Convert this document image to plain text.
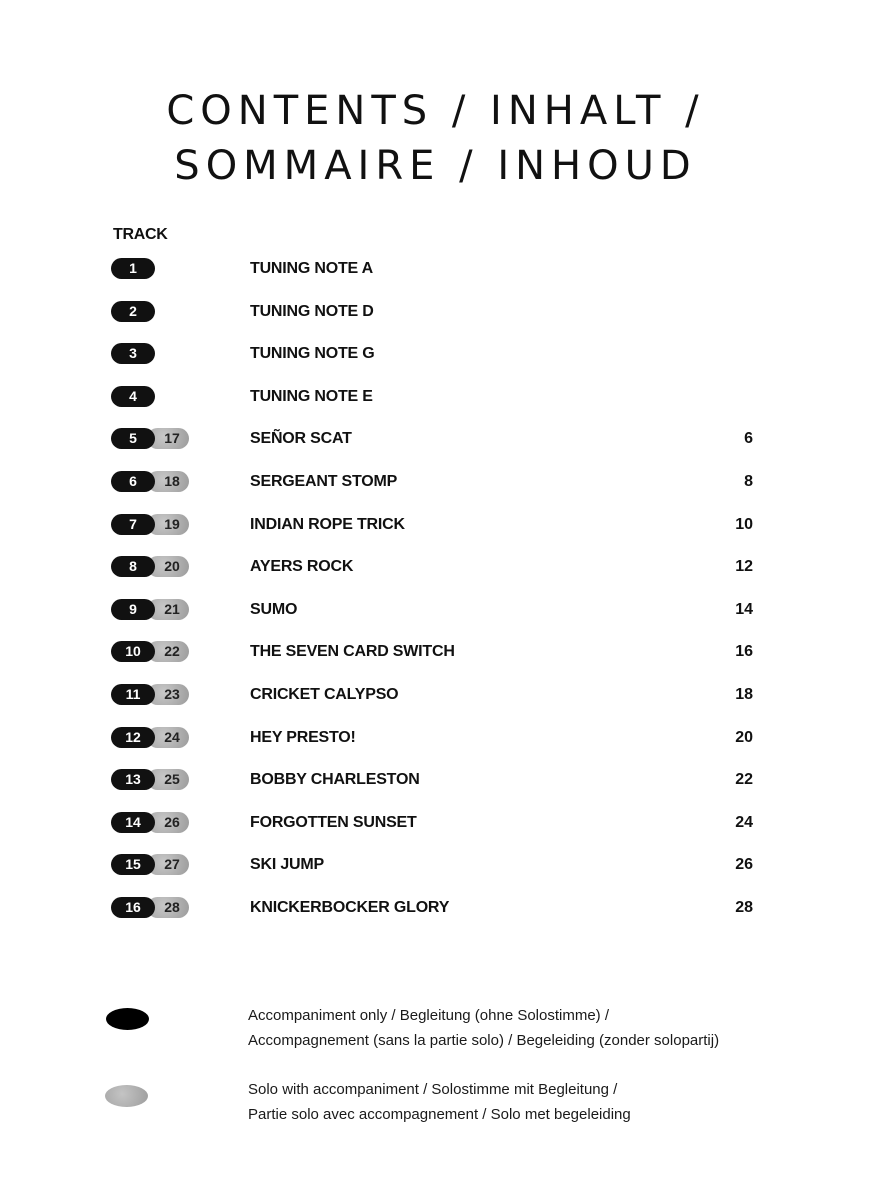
CONTENTS / INHALT /
SOMMAIRE / INHOUD
TRACK
1	TUNING NOTE A
2	TUNING NOTE D
3	TUNING NOTE G
4	TUNING NOTE E
5	17	SEÑOR SCAT	6
6	18	SERGEANT STOMP	8
7	19	INDIAN ROPE TRICK	10
8	20	AYERS ROCK	12
9	21	SUMO	14
10	22	THE SEVEN CARD SWITCH	16
11	23	CRICKET CALYPSO	18
12	24	HEY PRESTO!	20
13	25	BOBBY CHARLESTON	22
14	26	FORGOTTEN SUNSET	24
15	27	SKI JUMP	26
16	28	KNICKERBOCKER GLORY	28
Accompaniment only / Begleitung (ohne Solostimme) /
Accompagnement (sans la partie solo) / Begeleiding (zonder solopartij)
Solo with accompaniment / Solostimme mit Begleitung /
Partie solo avec accompagnement / Solo met begeleiding
